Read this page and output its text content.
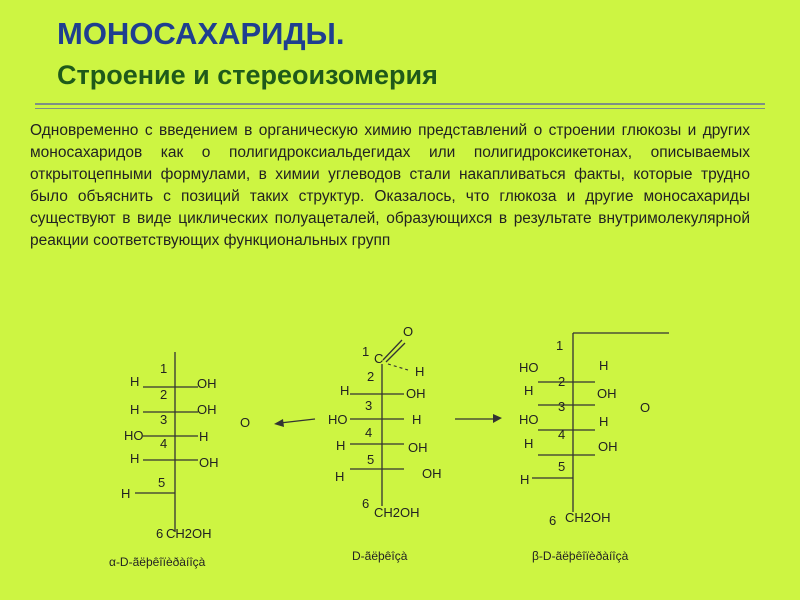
МОНОСАХАРИДЫ.
Строение и стереоизомерия
Одновременно с введением в органическую химию представлений о строении глюкозы и других моносахаридов как о полигидроксиальдегидах или полигидроксикетонах, описываемых открытоцепными формулами, в химии углеводов стали накапливаться факты, которые трудно было объяснить с позиций таких структур. Оказалось, что глюкоза и другие моносахариды существуют в виде циклических полуацеталей, образующихся в результате внутримолекулярной реакции соответствующих функциональных групп
1
2
3
4
5
6
H
H
HO
H
H
OH
OH
H
OH
O
CH2OH
α-D-ãëþêîïèðàíîçà
O
1 C
H
2
3
4
5
6
H
HO
H
H
OH
H
OH
OH
CH2OH
D-ãëþêîçà
1
2
3
4
5
6
HO
H
HO
H
H
H
OH
H
OH
O
CH2OH
β-D-ãëþêîïèðàíîçà
